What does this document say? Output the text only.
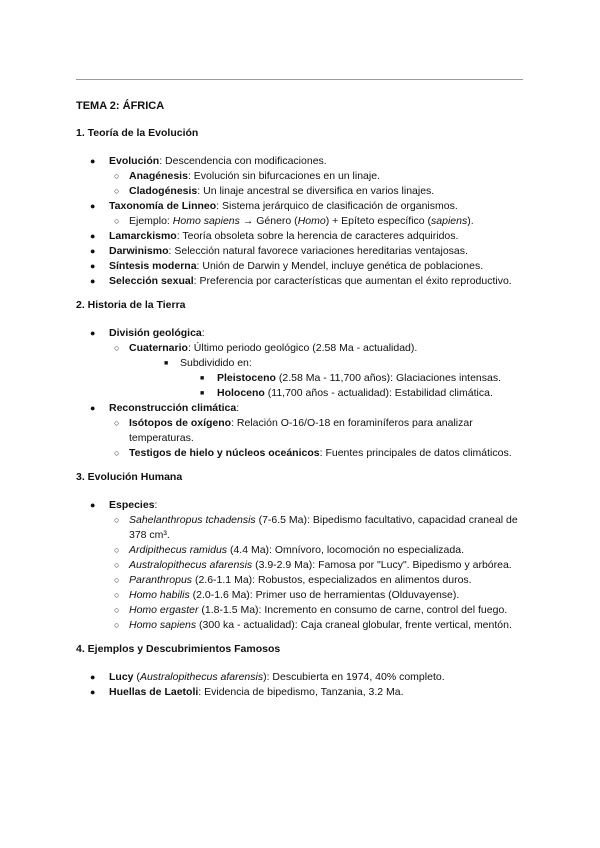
TEMA 2: ÁFRICA
1. Teoría de la Evolución
● Evolución: Descendencia con modificaciones.
○ Anagénesis: Evolución sin bifurcaciones en un linaje.
○ Cladogénesis: Un linaje ancestral se diversifica en varios linajes.
● Taxonomía de Linneo: Sistema jerárquico de clasificación de organismos.
○ Ejemplo: Homo sapiens → Género (Homo) + Epíteto específico (sapiens).
● Lamarckismo: Teoría obsoleta sobre la herencia de caracteres adquiridos.
● Darwinismo: Selección natural favorece variaciones hereditarias ventajosas.
● Síntesis moderna: Unión de Darwin y Mendel, incluye genética de poblaciones.
● Selección sexual: Preferencia por características que aumentan el éxito reproductivo.
2. Historia de la Tierra
● División geológica:
○ Cuaternario: Último periodo geológico (2.58 Ma - actualidad).
■ Subdividido en:
■ Pleistoceno (2.58 Ma - 11,700 años): Glaciaciones intensas.
■ Holoceno (11,700 años - actualidad): Estabilidad climática.
● Reconstrucción climática:
○ Isótopos de oxígeno: Relación O-16/O-18 en foraminíferos para analizar temperaturas.
○ Testigos de hielo y núcleos oceánicos: Fuentes principales de datos climáticos.
3. Evolución Humana
● Especies:
○ Sahelanthropus tchadensis (7-6.5 Ma): Bipedismo facultativo, capacidad craneal de 378 cm³.
○ Ardipithecus ramidus (4.4 Ma): Omnívoro, locomoción no especializada.
○ Australopithecus afarensis (3.9-2.9 Ma): Famosa por "Lucy". Bipedismo y arbórea.
○ Paranthropus (2.6-1.1 Ma): Robustos, especializados en alimentos duros.
○ Homo habilis (2.0-1.6 Ma): Primer uso de herramientas (Olduvayense).
○ Homo ergaster (1.8-1.5 Ma): Incremento en consumo de carne, control del fuego.
○ Homo sapiens (300 ka - actualidad): Caja craneal globular, frente vertical, mentón.
4. Ejemplos y Descubrimientos Famosos
● Lucy (Australopithecus afarensis): Descubierta en 1974, 40% completo.
● Huellas de Laetoli: Evidencia de bipedismo, Tanzania, 3.2 Ma.
